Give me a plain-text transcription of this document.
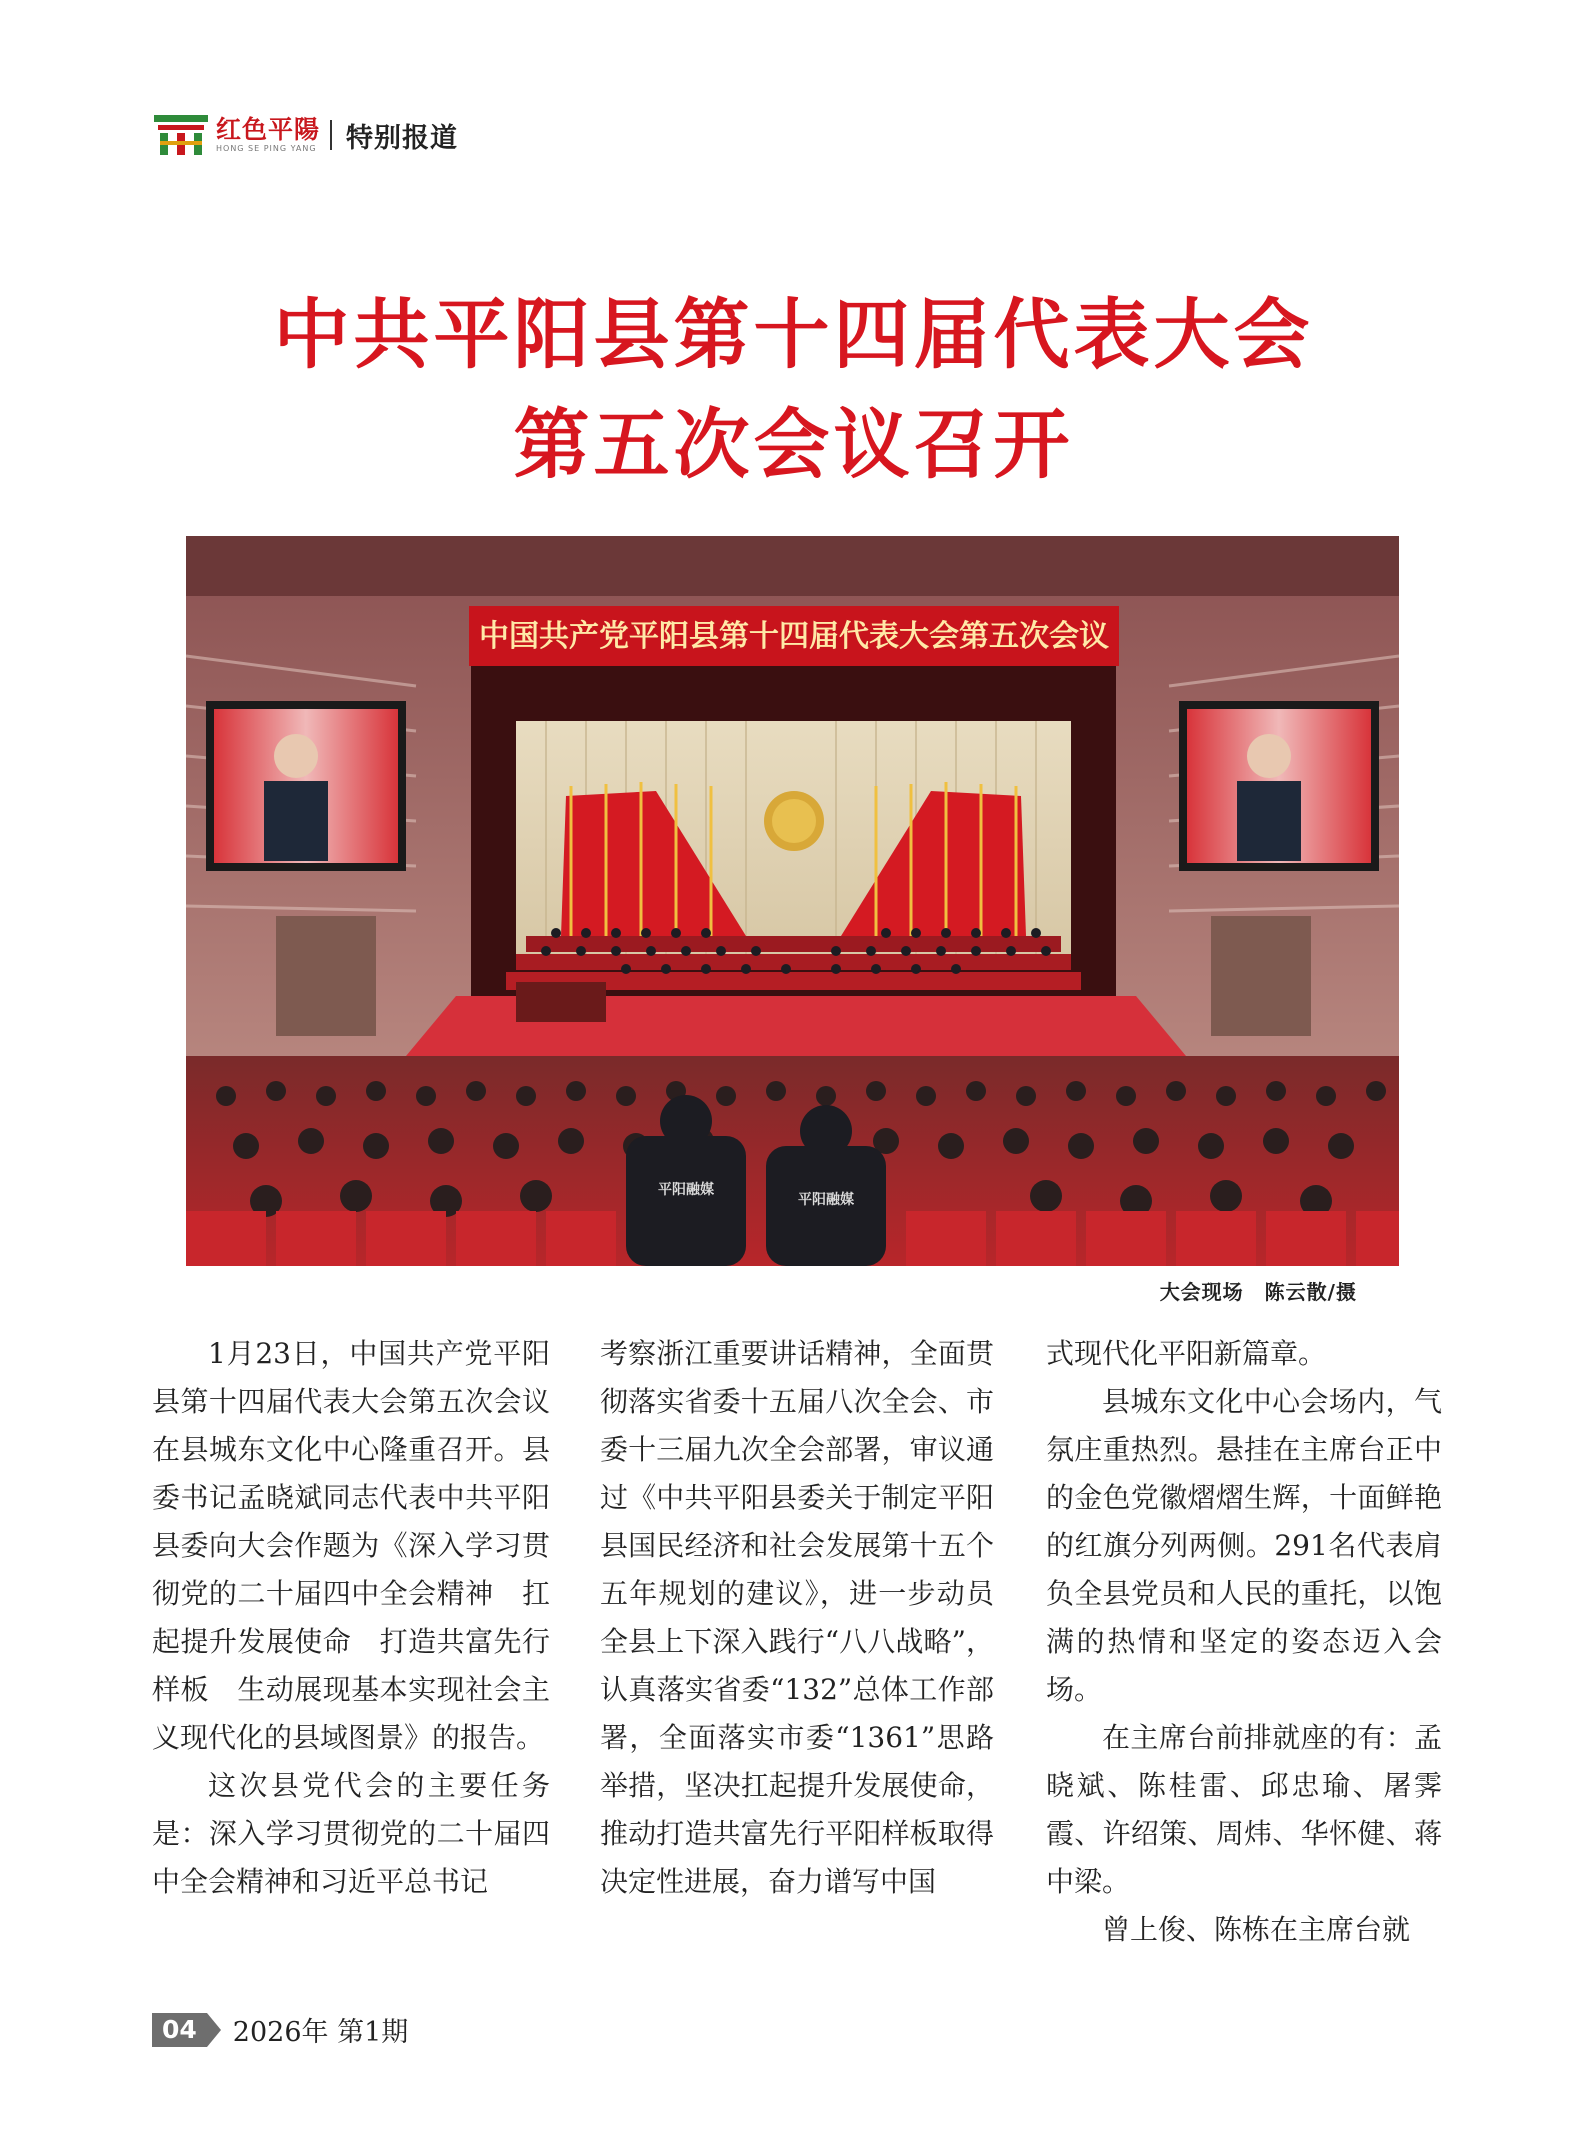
红色平陽
HONG SE PING YANG 特别报道
中共平阳县第十四届代表大会
第五次会议召开
中国共产党平阳县第十四届代表大会第五次会议
平阳融媒
平阳融媒
大会现场　陈云散/摄

1月23日，中国共产党平阳县第十四届代表大会第五次会议在县城东文化中心隆重召开。县委书记孟晓斌同志代表中共平阳县委向大会作题为《深入学习贯彻党的二十届四中全会精神　扛起提升发展使命　打造共富先行样板　生动展现基本实现社会主义现代化的县域图景》的报告。

这次县党代会的主要任务是：深入学习贯彻党的二十届四中全会精神和习近平总书记

考察浙江重要讲话精神，全面贯彻落实省委十五届八次全会、市委十三届九次全会部署，审议通过《中共平阳县委关于制定平阳县国民经济和社会发展第十五个五年规划的建议》，进一步动员全县上下深入践行“八八战略”，认真落实省委“132”总体工作部署，全面落实市委“1361”思路举措，坚决扛起提升发展使命，推动打造共富先行平阳样板取得决定性进展，奋力谱写中国

式现代化平阳新篇章。

县城东文化中心会场内，气氛庄重热烈。悬挂在主席台正中的金色党徽熠熠生辉，十面鲜艳的红旗分列两侧。291名代表肩负全县党员和人民的重托，以饱满的热情和坚定的姿态迈入会场。

在主席台前排就座的有：孟晓斌、陈桂雷、邱忠瑜、屠霁霞、许绍策、周炜、华怀健、蒋中梁。

曾上俊、陈栋在主席台就

04	2026年 第1期
